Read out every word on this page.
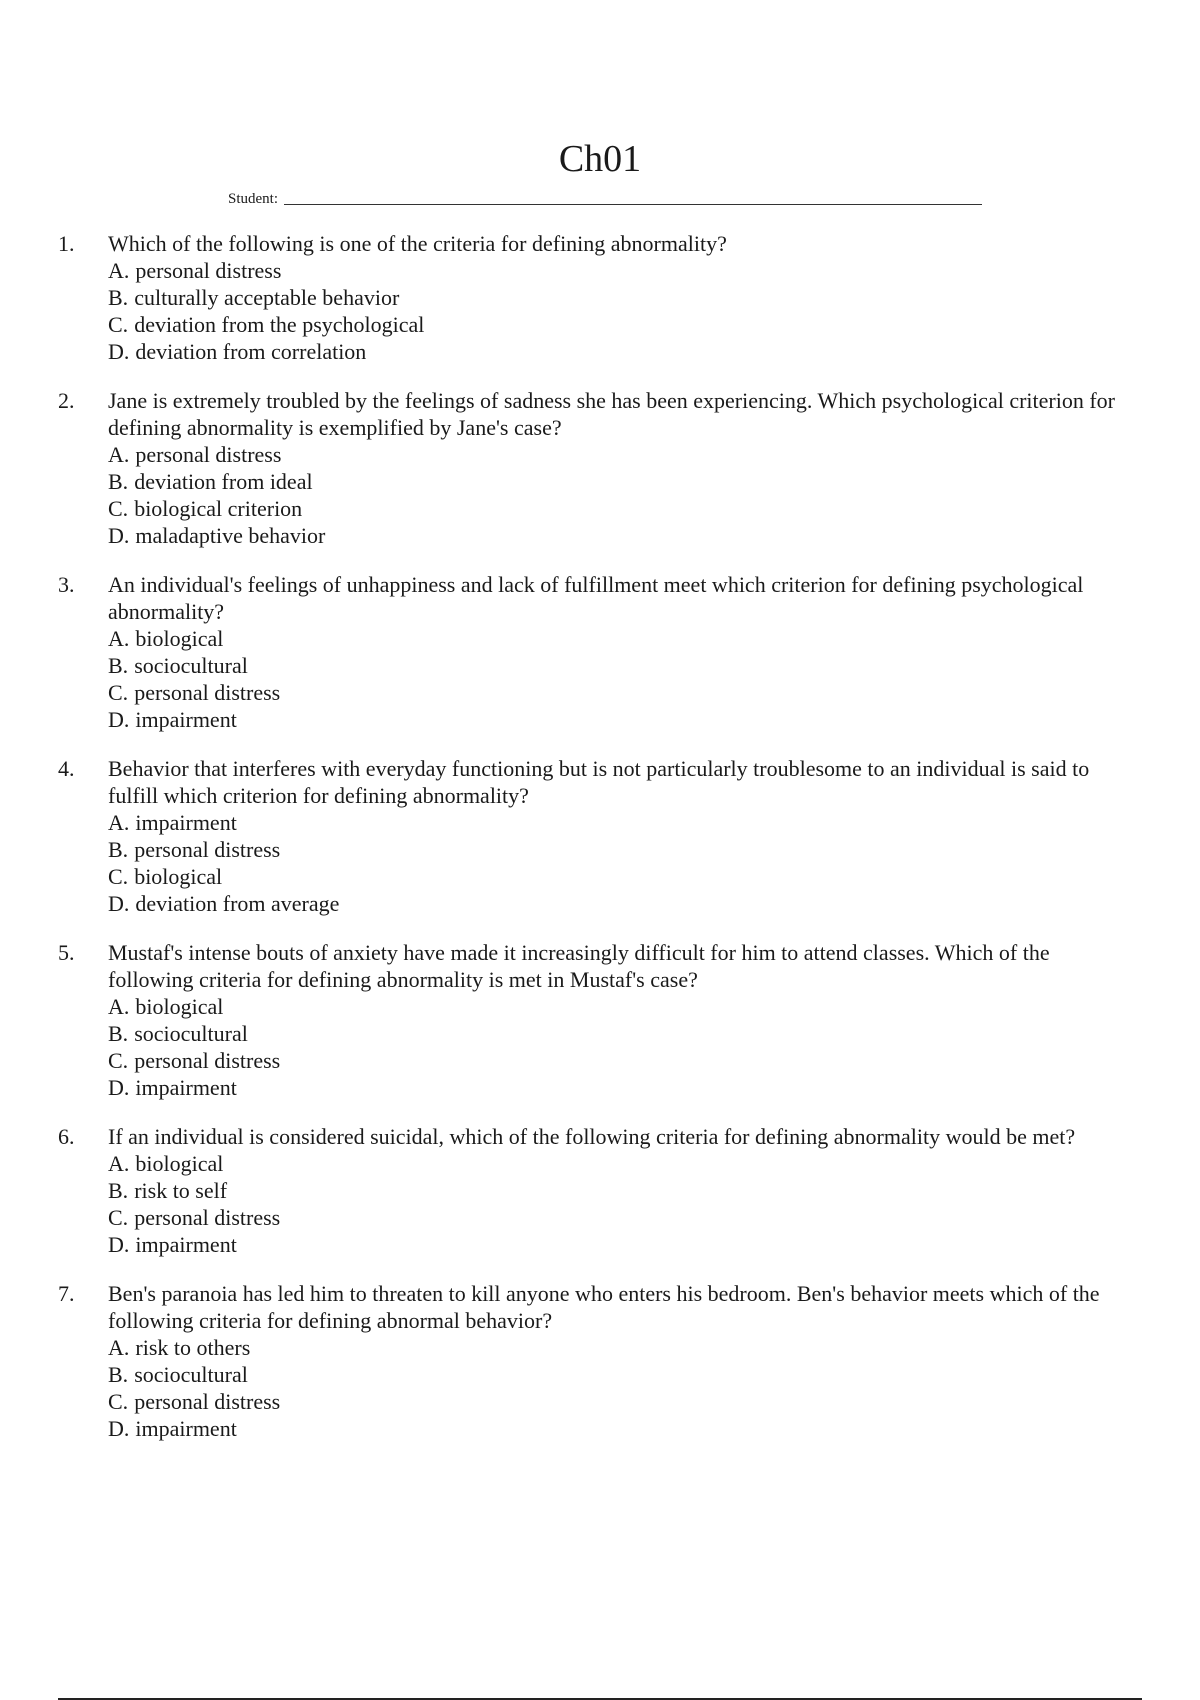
Ch01
Student:
1.	Which of the following is one of the criteria for defining abnormality?

A. personal distress
B. culturally acceptable behavior
C. deviation from the psychological
D. deviation from correlation
2.	Jane is extremely troubled by the feelings of sadness she has been experiencing. Which psychological criterion for defining abnormality is exemplified by Jane's case?

A. personal distress
B. deviation from ideal
C. biological criterion
D. maladaptive behavior
3.	An individual's feelings of unhappiness and lack of fulfillment meet which criterion for defining psychological abnormality?

A. biological
B. sociocultural
C. personal distress
D. impairment
4.	Behavior that interferes with everyday functioning but is not particularly troublesome to an individual is said to fulfill which criterion for defining abnormality?

A. impairment
B. personal distress
C. biological
D. deviation from average
5.	Mustaf's intense bouts of anxiety have made it increasingly difficult for him to attend classes. Which of the following criteria for defining abnormality is met in Mustaf's case?

A. biological
B. sociocultural
C. personal distress
D. impairment
6.	If an individual is considered suicidal, which of the following criteria for defining abnormality would be met?

A. biological
B. risk to self
C. personal distress
D. impairment
7.	Ben's paranoia has led him to threaten to kill anyone who enters his bedroom. Ben's behavior meets which of the following criteria for defining abnormal behavior?

A. risk to others
B. sociocultural
C. personal distress
D. impairment
